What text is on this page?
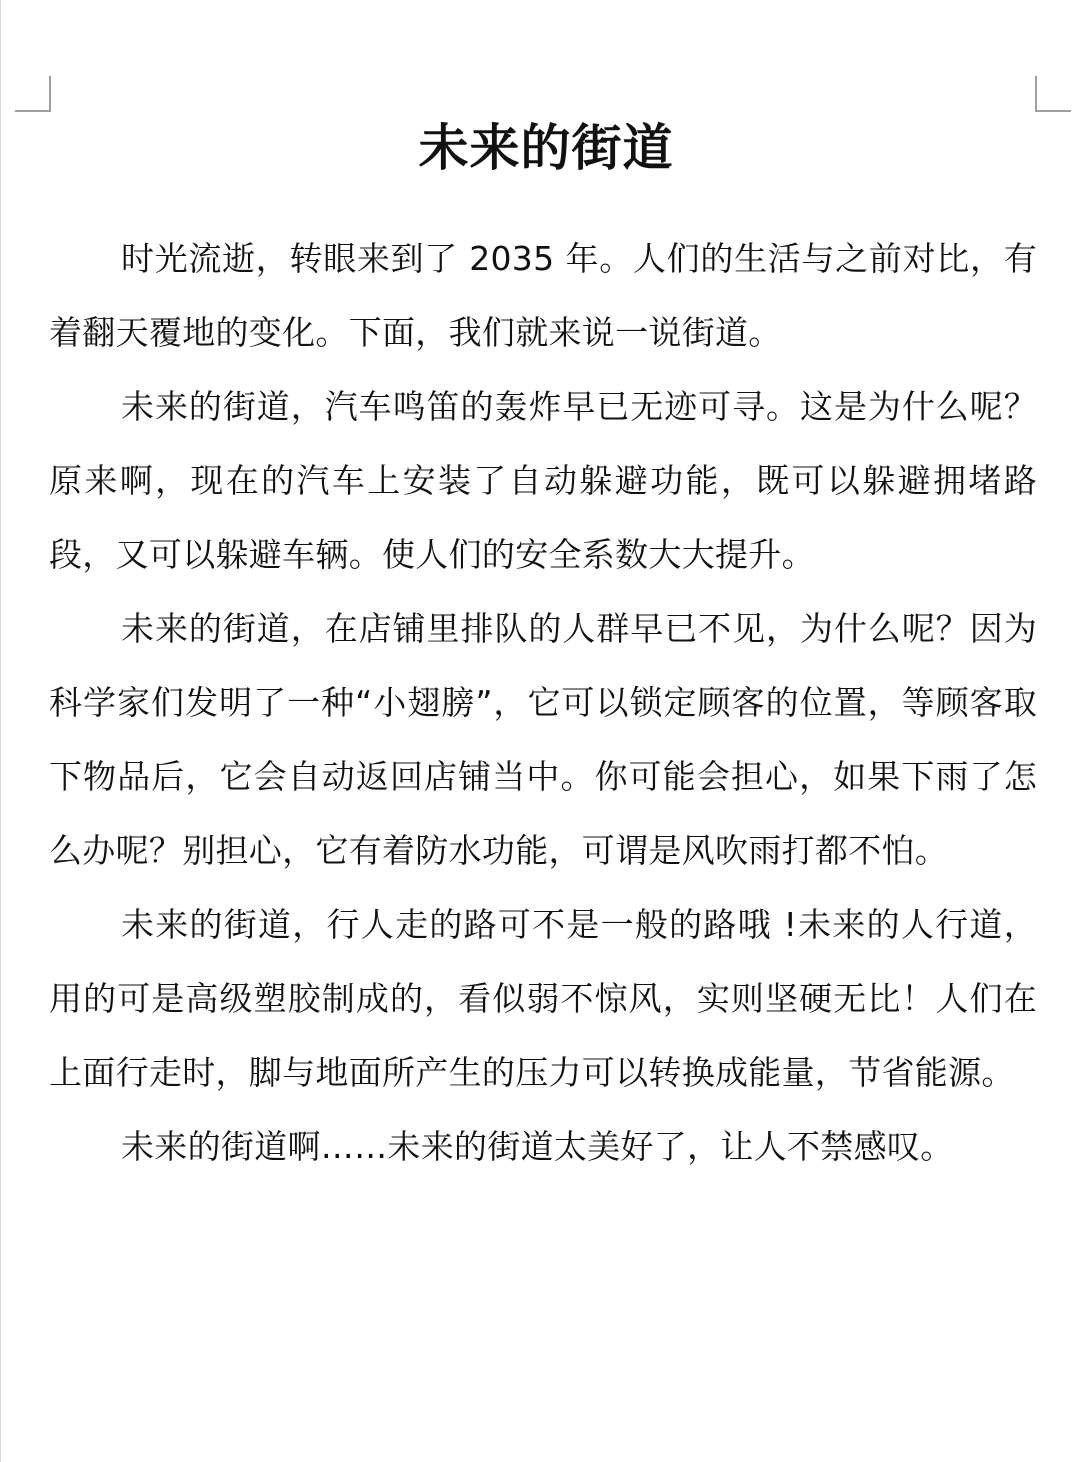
未来的街道

时光流逝，转眼来到了 2035 年。人们的生活与之前对比，有着翻天覆地的变化。下面，我们就来说一说街道。

未来的街道，汽车鸣笛的轰炸早已无迹可寻。这是为什么呢？原来啊，现在的汽车上安装了自动躲避功能，既可以躲避拥堵路段，又可以躲避车辆。使人们的安全系数大大提升。

未来的街道，在店铺里排队的人群早已不见，为什么呢？因为科学家们发明了一种“小翅膀”，它可以锁定顾客的位置，等顾客取下物品后，它会自动返回店铺当中。你可能会担心，如果下雨了怎么办呢？别担心，它有着防水功能，可谓是风吹雨打都不怕。

未来的街道，行人走的路可不是一般的路哦 !未来的人行道，用的可是高级塑胶制成的，看似弱不惊风，实则坚硬无比！人们在上面行走时，脚与地面所产生的压力可以转换成能量，节省能源。

未来的街道啊……未来的街道太美好了，让人不禁感叹。
